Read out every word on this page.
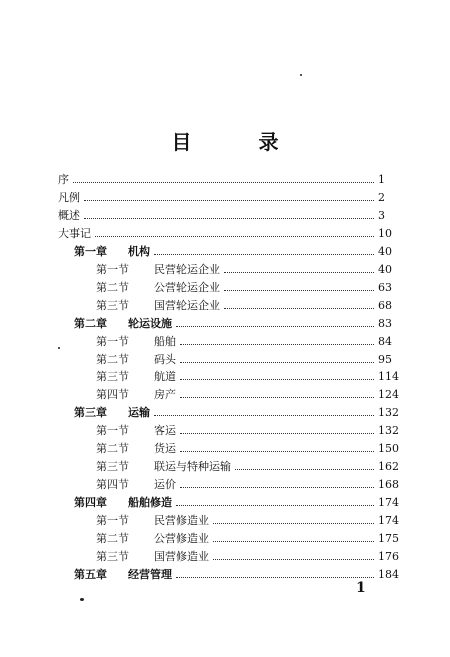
目 录
序	1
凡例	2
概述	3
大事记	10
第一章	机构	40
第一节	民营轮运企业	40
第二节	公营轮运企业	63
第三节	国营轮运企业	68
第二章	轮运设施	83
第一节	船舶	84
第二节	码头	95
第三节	航道	114
第四节	房产	124
第三章	运输	132
第一节	客运	132
第二节	货运	150
第三节	联运与特种运输	162
第四节	运价	168
第四章	船舶修造	174
第一节	民营修造业	174
第二节	公营修造业	175
第三节	国营修造业	176
第五章	经营管理	184
1
